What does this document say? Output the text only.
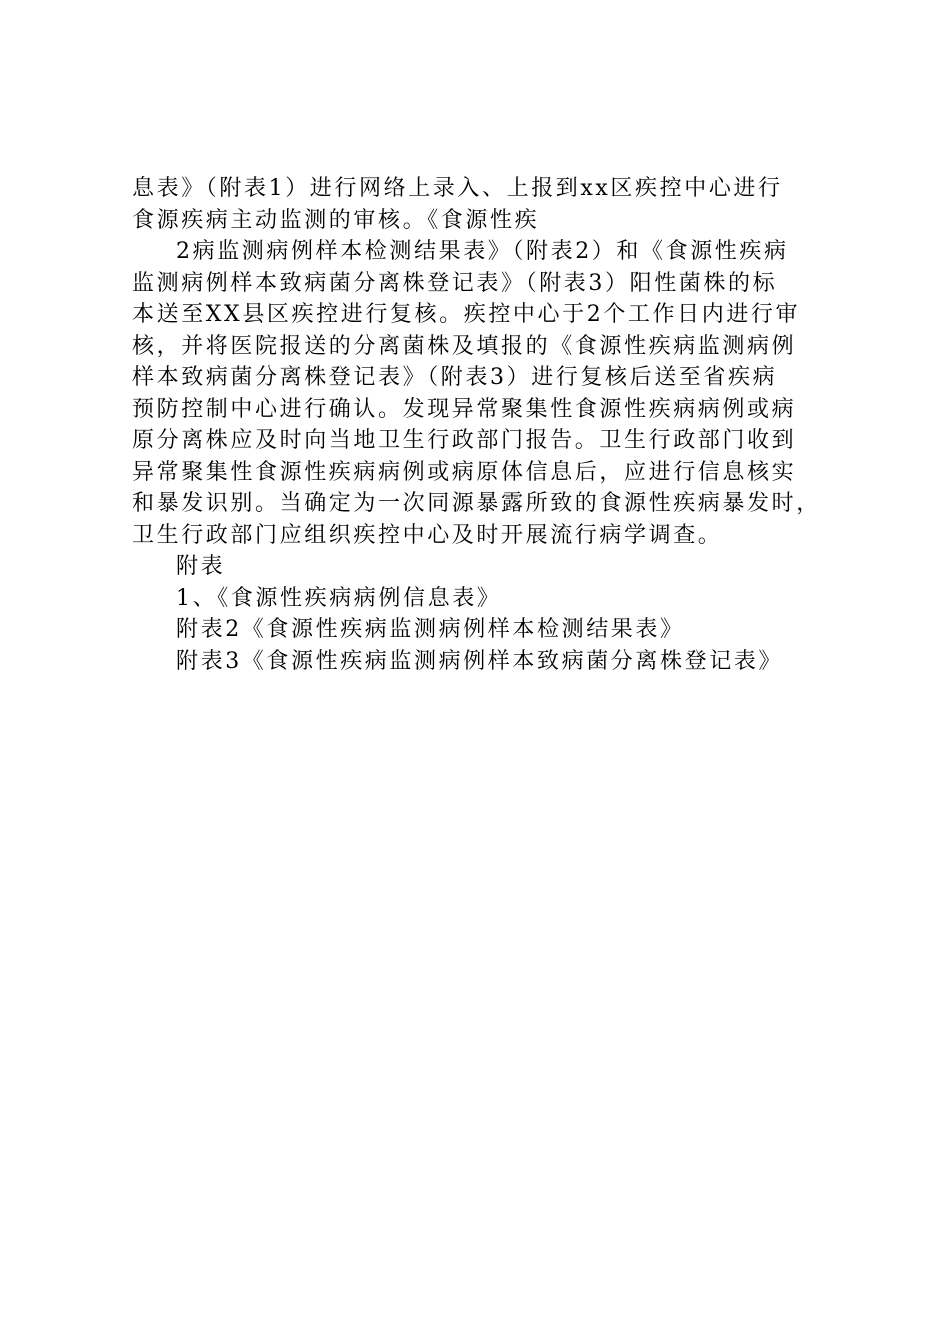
息表》（附表1）进行网络上录入、上报到xx区疾控中心进行
食源疾病主动监测的审核。《食源性疾
2病监测病例样本检测结果表》（附表2）和《食源性疾病
监测病例样本致病菌分离株登记表》（附表3）阳性菌株的标
本送至XX县区疾控进行复核。疾控中心于2个工作日内进行审
核，并将医院报送的分离菌株及填报的《食源性疾病监测病例
样本致病菌分离株登记表》（附表3）进行复核后送至省疾病
预防控制中心进行确认。发现异常聚集性食源性疾病病例或病
原分离株应及时向当地卫生行政部门报告。卫生行政部门收到
异常聚集性食源性疾病病例或病原体信息后，应进行信息核实
和暴发识别。当确定为一次同源暴露所致的食源性疾病暴发时，
卫生行政部门应组织疾控中心及时开展流行病学调查。
附表
1、《食源性疾病病例信息表》
附表2《食源性疾病监测病例样本检测结果表》
附表3《食源性疾病监测病例样本致病菌分离株登记表》
